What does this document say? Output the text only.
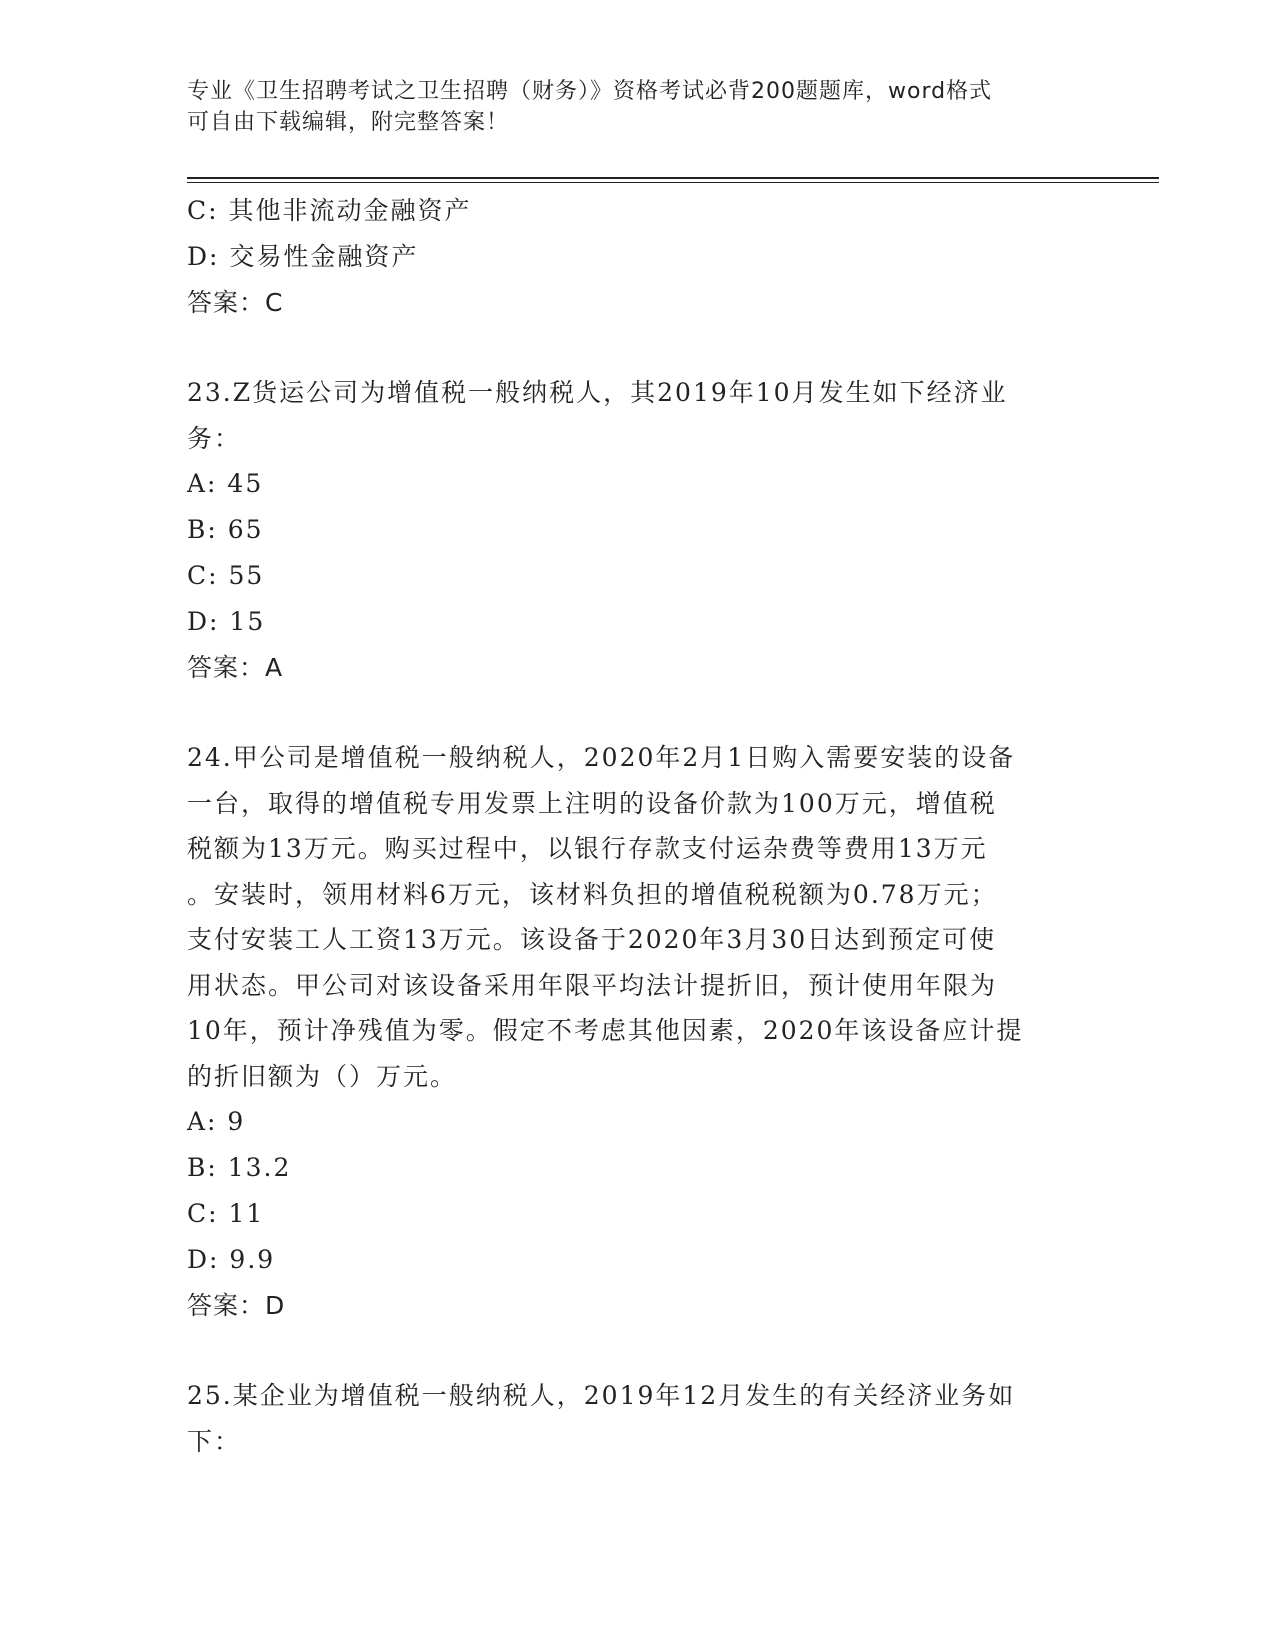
专业《卫生招聘考试之卫生招聘（财务）》资格考试必背200题题库，word格式
可自由下载编辑，附完整答案！
C: 其他非流动金融资产
D: 交易性金融资产
答案：C
23.Z货运公司为增值税一般纳税人，其2019年10月发生如下经济业
务：
A: 45
B: 65
C: 55
D: 15
答案：A
24.甲公司是增值税一般纳税人，2020年2月1日购入需要安装的设备
一台，取得的增值税专用发票上注明的设备价款为100万元，增值税
税额为13万元。购买过程中，以银行存款支付运杂费等费用13万元
。安装时，领用材料6万元，该材料负担的增值税税额为0.78万元；
支付安装工人工资13万元。该设备于2020年3月30日达到预定可使
用状态。甲公司对该设备采用年限平均法计提折旧，预计使用年限为
10年，预计净残值为零。假定不考虑其他因素，2020年该设备应计提
的折旧额为（）万元。
A: 9
B: 13.2
C: 11
D: 9.9
答案：D
25.某企业为增值税一般纳税人，2019年12月发生的有关经济业务如
下：
